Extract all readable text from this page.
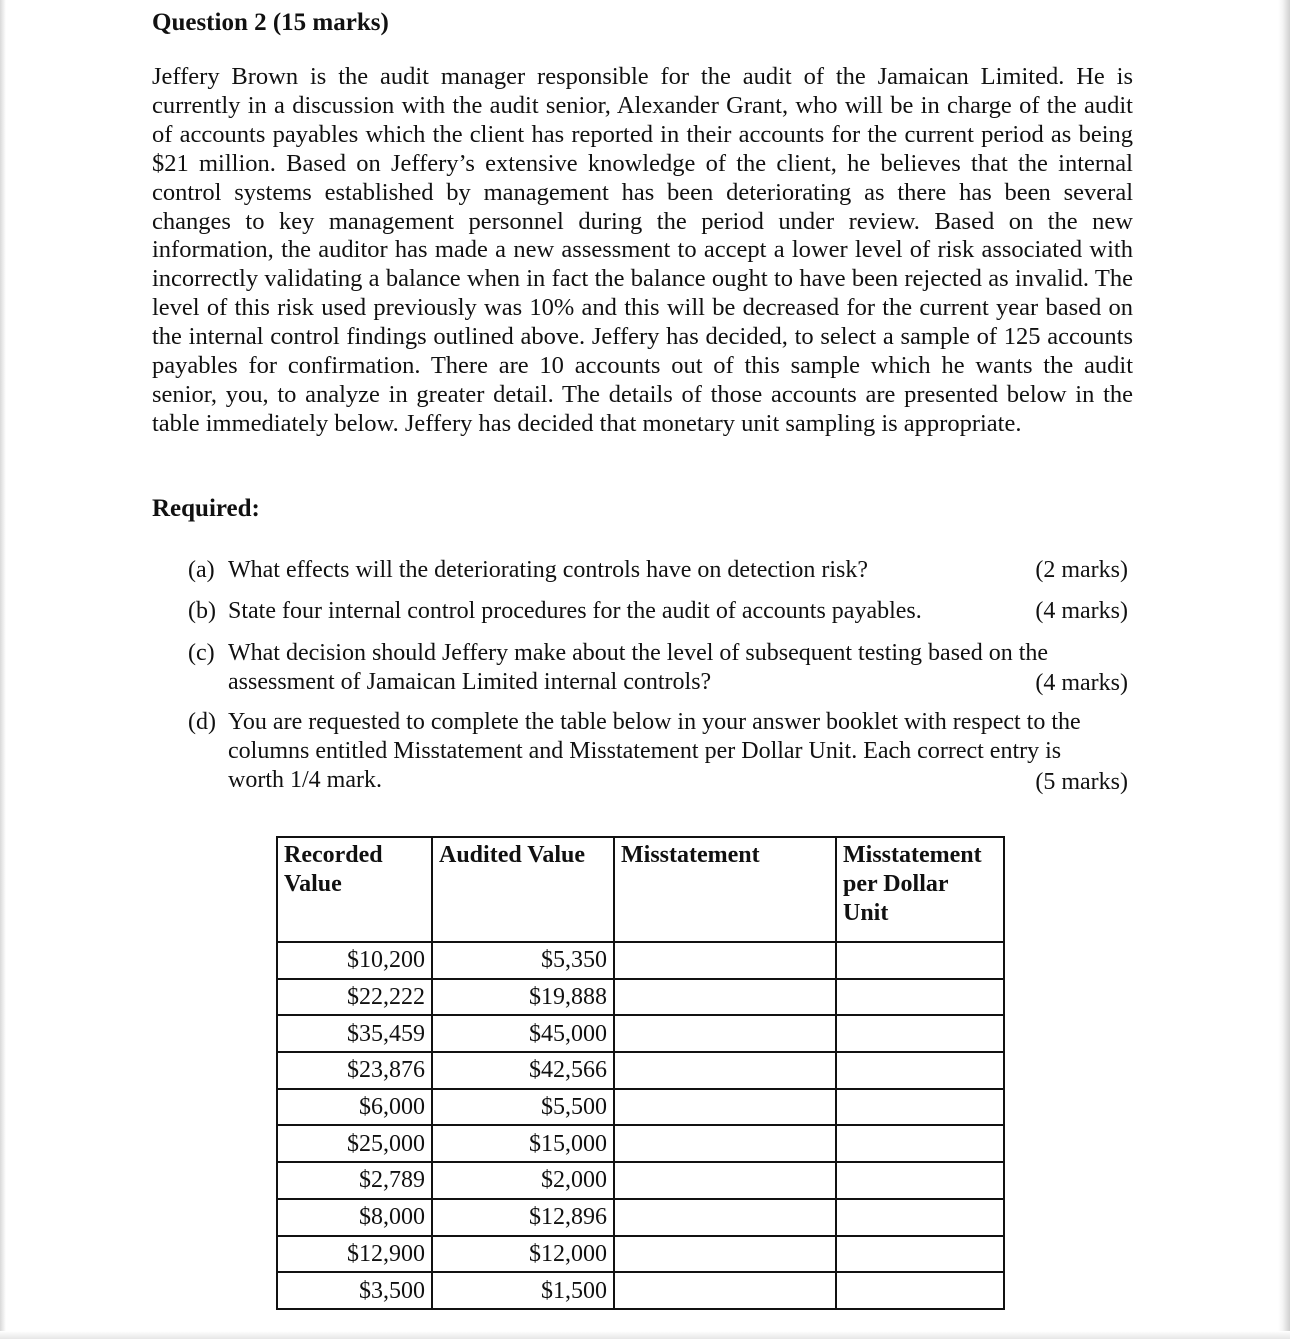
Question 2 (15 marks)
Jeffery Brown is the audit manager responsible for the audit of the Jamaican Limited. He is currently in a discussion with the audit senior, Alexander Grant, who will be in charge of the audit of accounts payables which the client has reported in their accounts for the current period as being $21 million. Based on Jeffery’s extensive knowledge of the client, he believes that the internal control systems established by management has been deteriorating as there has been several changes to key management personnel during the period under review. Based on the new information, the auditor has made a new assessment to accept a lower level of risk associated with incorrectly validating a balance when in fact the balance ought to have been rejected as invalid. The level of this risk used previously was 10% and this will be decreased for the current year based on the internal control findings outlined above. Jeffery has decided, to select a sample of 125 accounts payables for confirmation. There are 10 accounts out of this sample which he wants the audit senior, you, to analyze in greater detail. The details of those accounts are presented below in the table immediately below. Jeffery has decided that monetary unit sampling is appropriate.
Required:
(a) What effects will the deteriorating controls have on detection risk?	(2 marks)
(b) State four internal control procedures for the audit of accounts payables.	(4 marks)
(c) What decision should Jeffery make about the level of subsequent testing based on the assessment of Jamaican Limited internal controls?	(4 marks)
(d) You are requested to complete the table below in your answer booklet with respect to the columns entitled Misstatement and Misstatement per Dollar Unit. Each correct entry is worth 1/4 mark.	(5 marks)
Recorded Value	Audited Value	Misstatement	Misstatement per Dollar Unit
$10,200	$5,350		
$22,222	$19,888		
$35,459	$45,000		
$23,876	$42,566		
$6,000	$5,500		
$25,000	$15,000		
$2,789	$2,000		
$8,000	$12,896		
$12,900	$12,000		
$3,500	$1,500		
